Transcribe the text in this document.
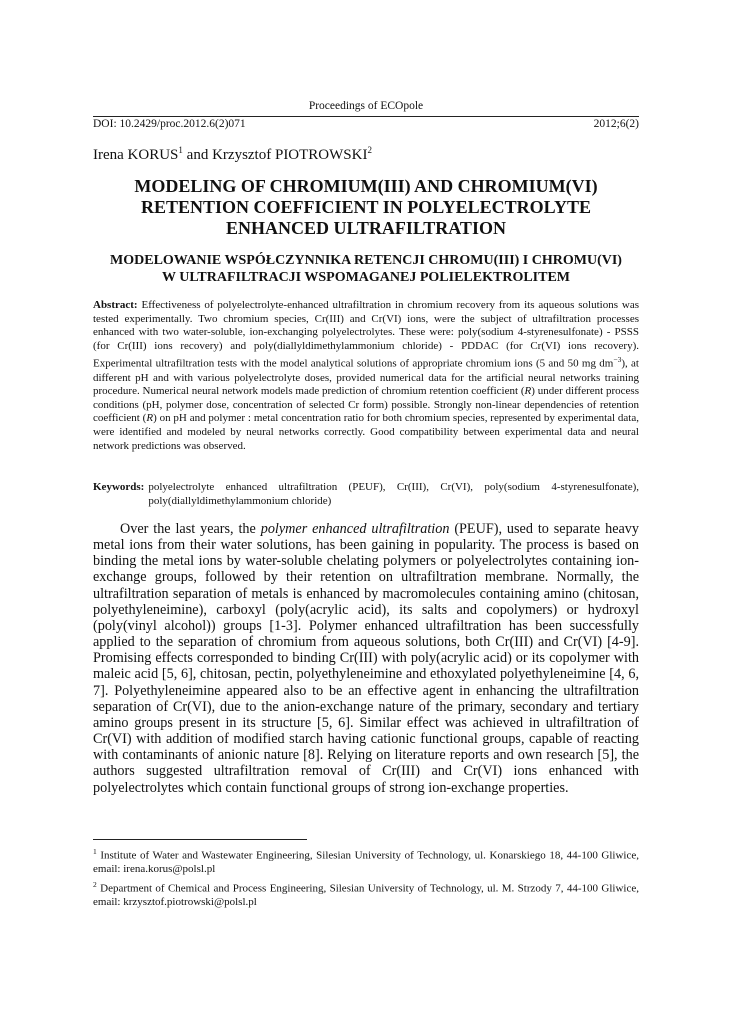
Proceedings of ECOpole
DOI: 10.2429/proc.2012.6(2)071	2012;6(2)
Irena KORUS$^1$ and Krzysztof PIOTROWSKI$^2$
MODELING OF CHROMIUM(III) AND CHROMIUM(VI)
RETENTION COEFFICIENT IN POLYELECTROLYTE
ENHANCED ULTRAFILTRATION
MODELOWANIE WSPÓŁCZYNNIKA RETENCJI CHROMU(III) I CHROMU(VI)
W ULTRAFILTRACJI WSPOMAGANEJ POLIELEKTROLITEM
Abstract: Effectiveness of polyelectrolyte-enhanced ultrafiltration in chromium recovery from its aqueous solutions was tested experimentally. Two chromium species, Cr(III) and Cr(VI) ions, were the subject of ultrafiltration processes enhanced with two water-soluble, ion-exchanging polyelectrolytes. These were: poly(sodium 4-styrenesulfonate) - PSSS (for Cr(III) ions recovery) and poly(diallyldimethylammonium chloride) - PDDAC (for Cr(VI) ions recovery). Experimental ultrafiltration tests with the model analytical solutions of appropriate chromium ions (5 and 50 mg $dm^{-3}$), at different pH and with various polyelectrolyte doses, provided numerical data for the artificial neural networks training procedure. Numerical neural network models made prediction of chromium retention coefficient (R) under different process conditions (pH, polymer dose, concentration of selected Cr form) possible. Strongly non-linear dependencies of retention coefficient (R) on pH and polymer : metal concentration ratio for both chromium species, represented by experimental data, were identified and modeled by neural networks correctly. Good compatibility between experimental data and neural network predictions was observed.
Keywords: polyelectrolyte enhanced ultrafiltration (PEUF), Cr(III), Cr(VI), poly(sodium 4-styrenesulfonate), poly(diallyldimethylammonium chloride)
Over the last years, the polymer enhanced ultrafiltration (PEUF), used to separate heavy metal ions from their water solutions, has been gaining in popularity. The process is based on binding the metal ions by water-soluble chelating polymers or polyelectrolytes containing ion-exchange groups, followed by their retention on ultrafiltration membrane. Normally, the ultrafiltration separation of metals is enhanced by macromolecules containing amino (chitosan, polyethyleneimine), carboxyl (poly(acrylic acid), its salts and copolymers) or hydroxyl (poly(vinyl alcohol)) groups [1-3]. Polymer enhanced ultrafiltration has been successfully applied to the separation of chromium from aqueous solutions, both Cr(III) and Cr(VI) [4-9]. Promising effects corresponded to binding Cr(III) with poly(acrylic acid) or its copolymer with maleic acid [5, 6], chitosan, pectin, polyethyleneimine and ethoxylated polyethyleneimine [4, 6, 7]. Polyethyleneimine appeared also to be an effective agent in enhancing the ultrafiltration separation of Cr(VI), due to the anion-exchange nature of the primary, secondary and tertiary amino groups present in its structure [5, 6]. Similar effect was achieved in ultrafiltration of Cr(VI) with addition of modified starch having cationic functional groups, capable of reacting with contaminants of anionic nature [8]. Relying on literature reports and own research [5], the authors suggested ultrafiltration removal of Cr(III) and Cr(VI) ions enhanced with polyelectrolytes which contain functional groups of strong ion-exchange properties.
$^1$ Institute of Water and Wastewater Engineering, Silesian University of Technology, ul. Konarskiego 18, 44-100 Gliwice, email: irena.korus@polsl.pl
$^2$ Department of Chemical and Process Engineering, Silesian University of Technology, ul. M. Strzody 7, 44-100 Gliwice, email: krzysztof.piotrowski@polsl.pl
